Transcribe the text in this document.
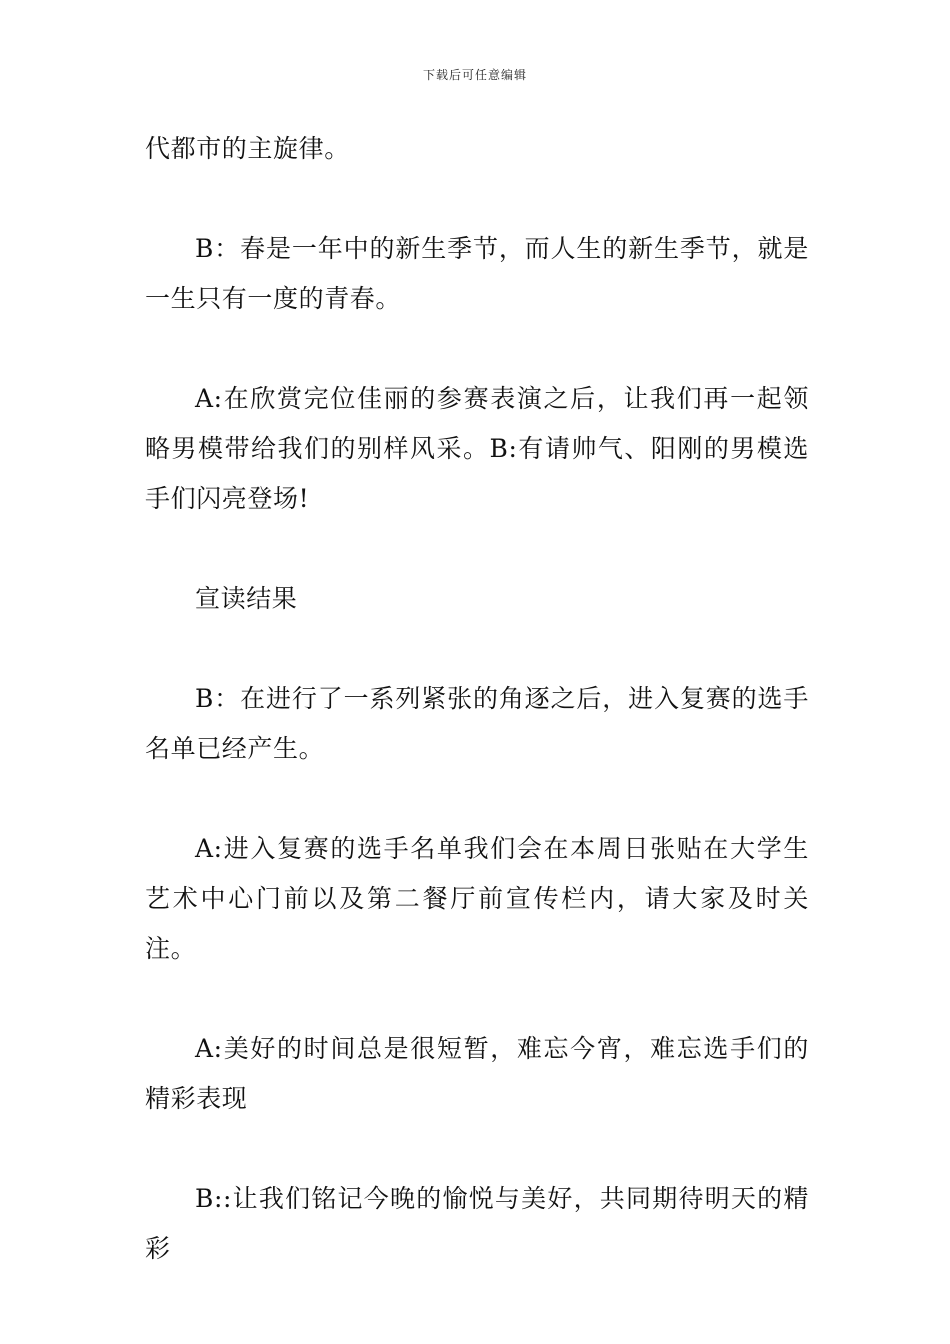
下载后可任意编辑

代都市的主旋律。

B：春是一年中的新生季节，而人生的新生季节，就是一生只有一度的青春。

A:在欣赏完位佳丽的参赛表演之后，让我们再一起领略男模带给我们的别样风采。B:有请帅气、阳刚的男模选手们闪亮登场!

宣读结果

B：在进行了一系列紧张的角逐之后，进入复赛的选手名单已经产生。

A:进入复赛的选手名单我们会在本周日张贴在大学生艺术中心门前以及第二餐厅前宣传栏内，请大家及时关注。

A:美好的时间总是很短暂，难忘今宵，难忘选手们的精彩表现

B::让我们铭记今晚的愉悦与美好，共同期待明天的精彩
